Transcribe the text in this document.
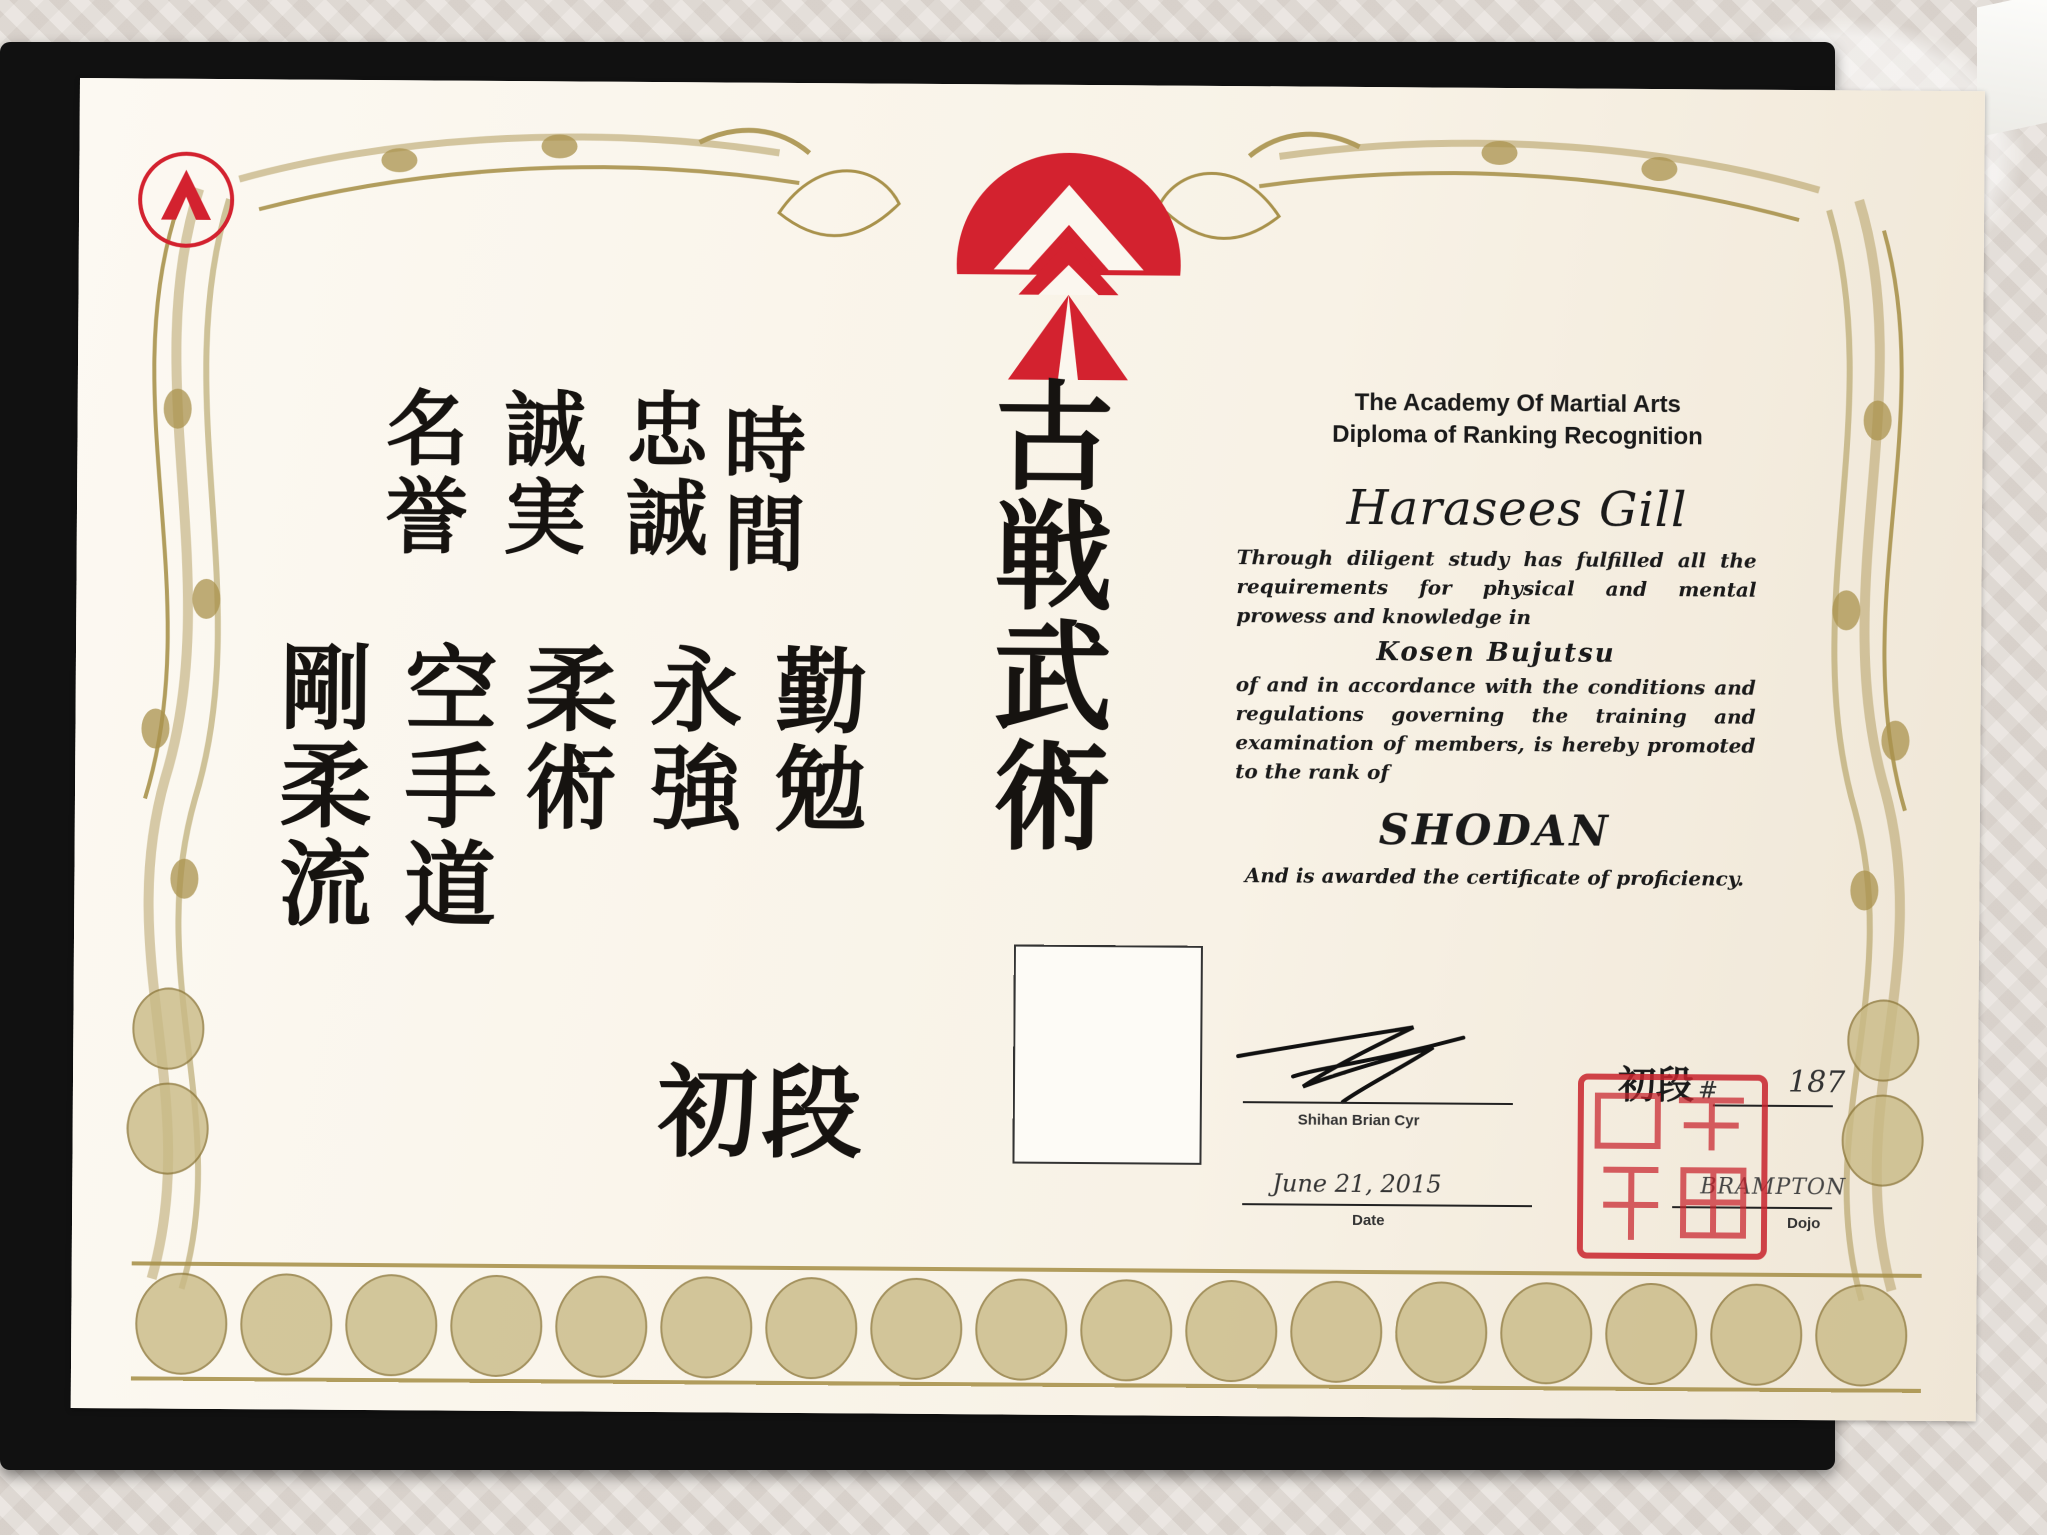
古戦武術
時間
忠誠
誠実
名誉
勤勉
永強
柔術
空手道
剛柔流
初段
The Academy Of Martial Arts
Diploma of Ranking Recognition
Harasees Gill
Through diligent study has fulfilled all the requirements for physical and mental prowess and knowledge in
Kosen Bujutsu
of and in accordance with the conditions and regulations governing the training and examination of members, is hereby promoted to the rank of
SHODAN
And is awarded the certificate of proficiency.
Shihan Brian Cyr
June 21, 2015
Date
初段 # 187
BRAMPTON
Dojo
